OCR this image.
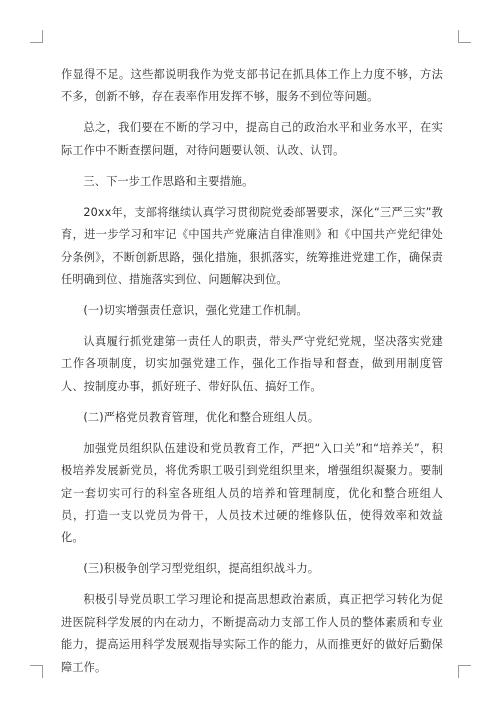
作显得不足。这些都说明我作为党支部书记在抓具体工作上力度不够，方法不多，创新不够，存在表率作用发挥不够，服务不到位等问题。

总之，我们要在不断的学习中，提高自己的政治水平和业务水平，在实际工作中不断查摆问题，对待问题要认领、认改、认罚。

三、下一步工作思路和主要措施。

20xx年，支部将继续认真学习贯彻院党委部署要求，深化“三严三实”教育，进一步学习和牢记《中国共产党廉洁自律准则》和《中国共产党纪律处分条例》，不断创新思路，强化措施，狠抓落实，统筹推进党建工作，确保责任明确到位、措施落实到位、问题解决到位。

(一)切实增强责任意识，强化党建工作机制。

认真履行抓党建第一责任人的职责，带头严守党纪党规，坚决落实党建工作各项制度，切实加强党建工作，强化工作指导和督查，做到用制度管人、按制度办事，抓好班子、带好队伍、搞好工作。

(二)严格党员教育管理，优化和整合班组人员。

加强党员组织队伍建设和党员教育工作，严把“入口关”和“培养关”，积极培养发展新党员，将优秀职工吸引到党组织里来，增强组织凝聚力。要制定一套切实可行的科室各班组人员的培养和管理制度，优化和整合班组人员，打造一支以党员为骨干，人员技术过硬的维修队伍，使得效率和效益化。

(三)积极争创学习型党组织，提高组织战斗力。

积极引导党员职工学习理论和提高思想政治素质，真正把学习转化为促进医院科学发展的内在动力，不断提高动力支部工作人员的整体素质和专业能力，提高运用科学发展观指导实际工作的能力，从而推更好的做好后勤保障工作。
